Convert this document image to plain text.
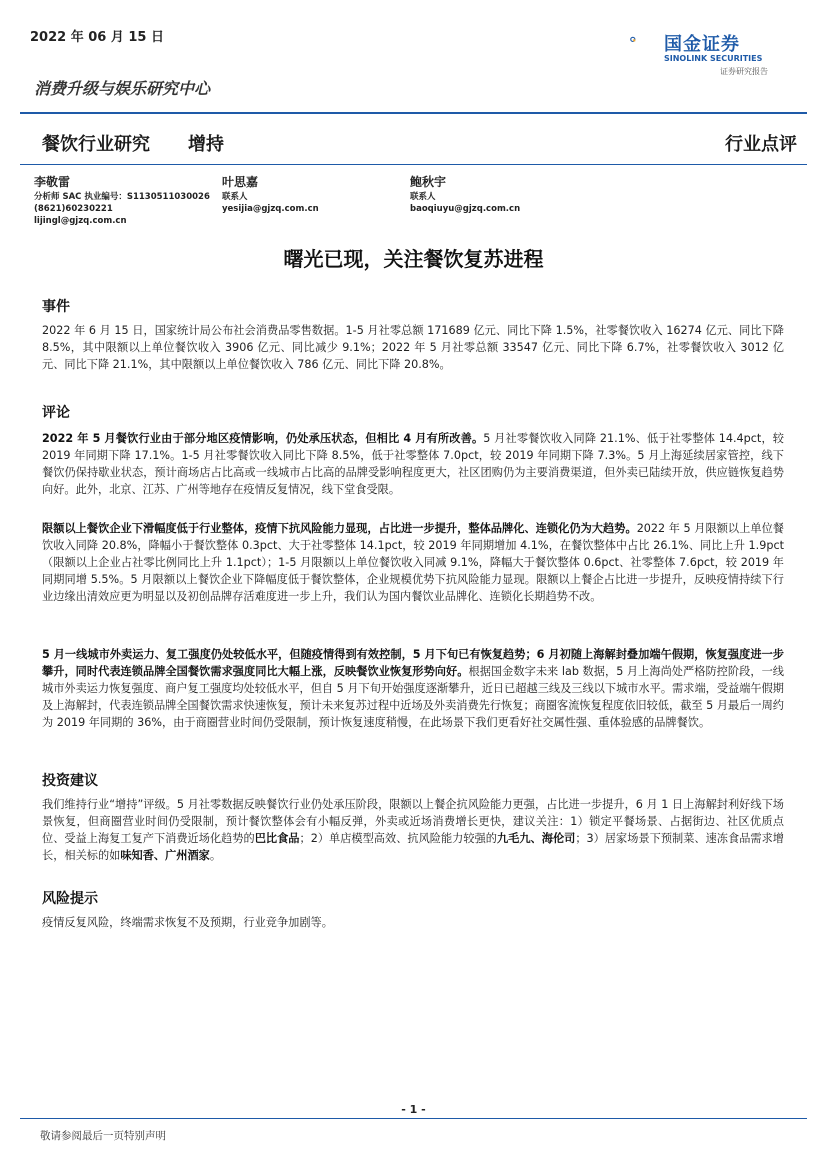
2022 年 06 月 15 日
消费升级与娱乐研究中心
国金证券
SINOLINK SECURITIES
证券研究报告
餐饮行业研究 增持	行业点评
李敬雷
分析师 SAC 执业编号：S1130511030026
(8621)60230221
lijingl@gjzq.com.cn
叶思嘉
联系人
yesijia@gjzq.com.cn
鲍秋宇
联系人
baoqiuyu@gjzq.com.cn
曙光已现，关注餐饮复苏进程
事件
2022 年 6 月 15 日，国家统计局公布社会消费品零售数据。1-5 月社零总额 171689 亿元、同比下降 1.5%，社零餐饮收入 16274 亿元、同比下降 8.5%，其中限额以上单位餐饮收入 3906 亿元、同比减少 9.1%；2022 年 5 月社零总额 33547 亿元、同比下降 6.7%，社零餐饮收入 3012 亿元、同比下降 21.1%，其中限额以上单位餐饮收入 786 亿元、同比下降 20.8%。
评论
2022 年 5 月餐饮行业由于部分地区疫情影响，仍处承压状态，但相比 4 月有所改善。5 月社零餐饮收入同降 21.1%、低于社零整体 14.4pct，较 2019 年同期下降 17.1%。1-5 月社零餐饮收入同比下降 8.5%，低于社零整体 7.0pct，较 2019 年同期下降 7.3%。5 月上海延续居家管控，线下餐饮仍保持歇业状态，预计商场店占比高或一线城市占比高的品牌受影响程度更大，社区团购仍为主要消费渠道，但外卖已陆续开放，供应链恢复趋势向好。此外，北京、江苏、广州等地存在疫情反复情况，线下堂食受限。
限额以上餐饮企业下滑幅度低于行业整体，疫情下抗风险能力显现，占比进一步提升，整体品牌化、连锁化仍为大趋势。2022 年 5 月限额以上单位餐饮收入同降 20.8%，降幅小于餐饮整体 0.3pct、大于社零整体 14.1pct，较 2019 年同期增加 4.1%，在餐饮整体中占比 26.1%、同比上升 1.9pct（限额以上企业占社零比例同比上升 1.1pct）；1-5 月限额以上单位餐饮收入同减 9.1%，降幅大于餐饮整体 0.6pct、社零整体 7.6pct，较 2019 年同期同增 5.5%。5 月限额以上餐饮企业下降幅度低于餐饮整体，企业规模优势下抗风险能力显现。限额以上餐企占比进一步提升，反映疫情持续下行业边缘出清效应更为明显以及初创品牌存活难度进一步上升，我们认为国内餐饮业品牌化、连锁化长期趋势不改。
5 月一线城市外卖运力、复工强度仍处较低水平，但随疫情得到有效控制，5 月下旬已有恢复趋势；6 月初随上海解封叠加端午假期，恢复强度进一步攀升，同时代表连锁品牌全国餐饮需求强度同比大幅上涨，反映餐饮业恢复形势向好。根据国金数字未来 lab 数据，5 月上海尚处严格防控阶段，一线城市外卖运力恢复强度、商户复工强度均处较低水平，但自 5 月下旬开始强度逐渐攀升，近日已超越三线及三线以下城市水平。需求端，受益端午假期及上海解封，代表连锁品牌全国餐饮需求快速恢复，预计未来复苏过程中近场及外卖消费先行恢复；商圈客流恢复程度依旧较低，截至 5 月最后一周约为 2019 年同期的 36%，由于商圈营业时间仍受限制，预计恢复速度稍慢，在此场景下我们更看好社交属性强、重体验感的品牌餐饮。
投资建议
我们维持行业“增持”评级。5 月社零数据反映餐饮行业仍处承压阶段，限额以上餐企抗风险能力更强，占比进一步提升，6 月 1 日上海解封利好线下场景恢复，但商圈营业时间仍受限制，预计餐饮整体会有小幅反弹，外卖或近场消费增长更快，建议关注：1）锁定平餐场景、占据街边、社区优质点位、受益上海复工复产下消费近场化趋势的巴比食品；2）单店模型高效、抗风险能力较强的九毛九、海伦司；3）居家场景下预制菜、速冻食品需求增长，相关标的如味知香、广州酒家。
风险提示
疫情反复风险，终端需求恢复不及预期，行业竞争加剧等。
- 1 -
敬请参阅最后一页特别声明
